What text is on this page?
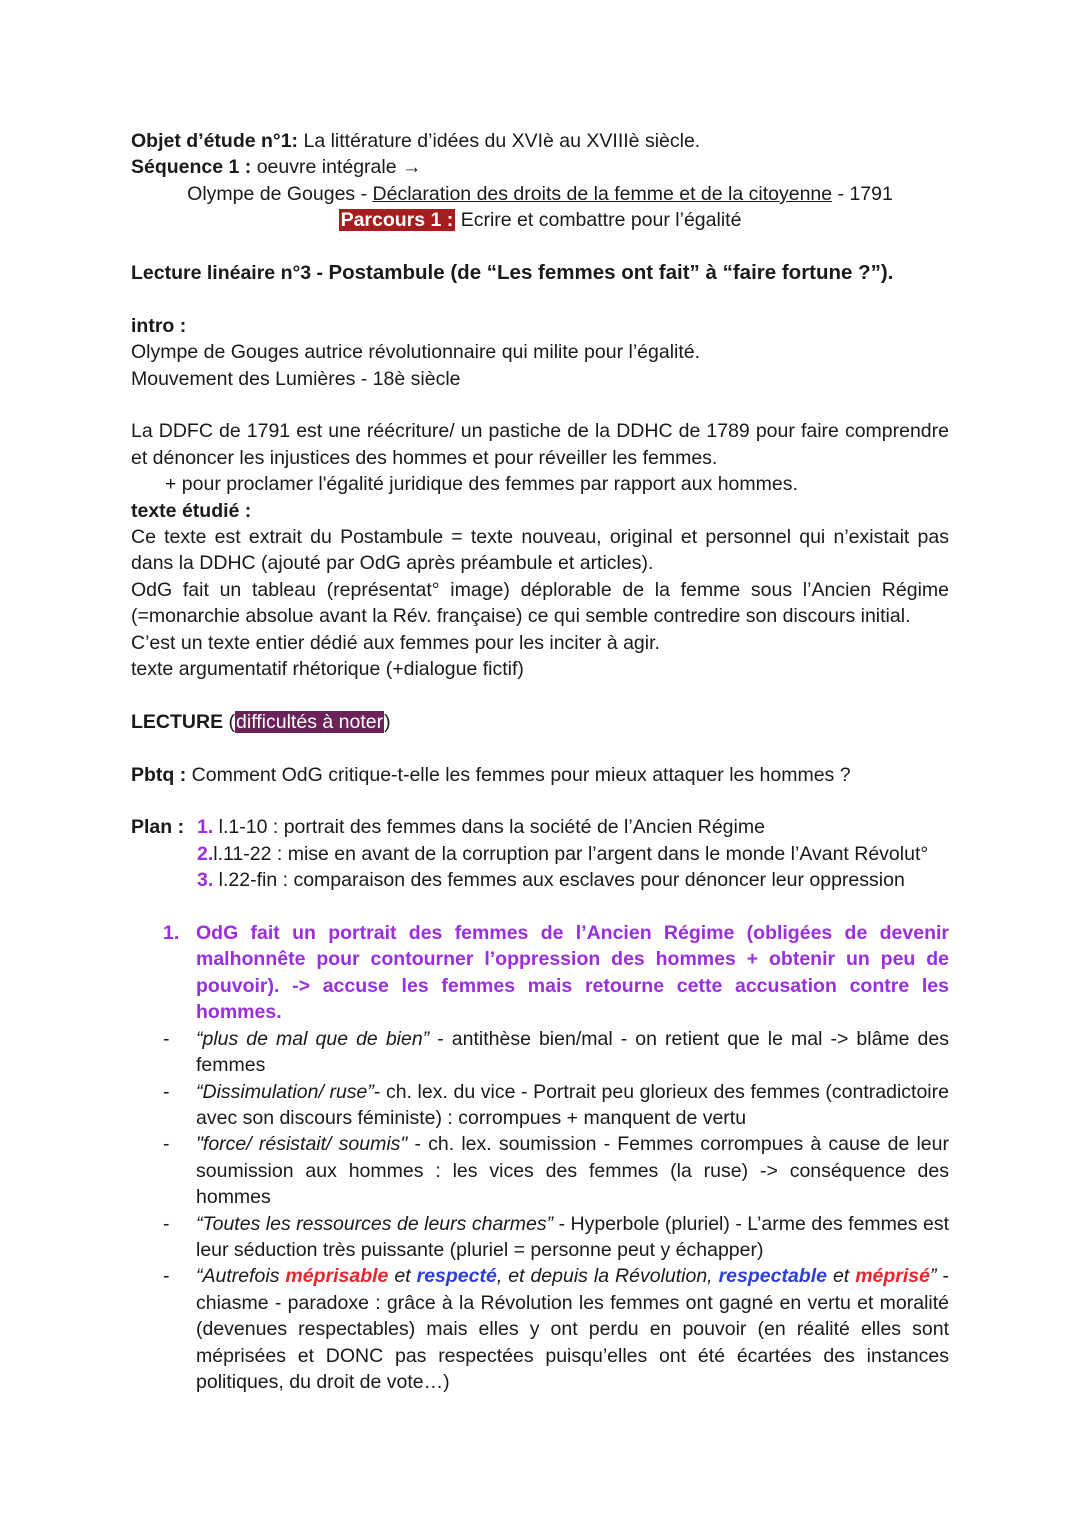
Objet d’étude n°1: La littérature d’idées du XVIè au XVIIIè siècle.
Séquence 1 : oeuvre intégrale →
Olympe de Gouges - Déclaration des droits de la femme et de la citoyenne - 1791
Parcours 1 : Ecrire et combattre pour l’égalité
Lecture linéaire n°3 - Postambule (de “Les femmes ont fait” à “faire fortune ?”).
intro :
Olympe de Gouges autrice révolutionnaire qui milite pour l’égalité.
Mouvement des Lumières - 18è siècle
La DDFC de 1791 est une réécriture/ un pastiche de la DDHC de 1789 pour faire comprendre et dénoncer les injustices des hommes et pour réveiller les femmes.
+ pour proclamer l'égalité juridique des femmes par rapport aux hommes.
texte étudié :
Ce texte est extrait du Postambule = texte nouveau, original et personnel qui n’existait pas dans la DDHC (ajouté par OdG après préambule et articles).
OdG fait un tableau (représentat° image) déplorable de la femme sous l’Ancien Régime (=monarchie absolue avant la Rév. française) ce qui semble contredire son discours initial.
C’est un texte entier dédié aux femmes pour les inciter à agir.
texte argumentatif rhétorique (+dialogue fictif)
LECTURE (difficultés à noter)
Pbtq : Comment OdG critique-t-elle les femmes pour mieux attaquer les hommes ?
Plan : 1. l.1-10 : portrait des femmes dans la société de l’Ancien Régime
2.l.11-22 : mise en avant de la corruption par l’argent dans le monde l’Avant Révolut°
3. l.22-fin : comparaison des femmes aux esclaves pour dénoncer leur oppression
1. OdG fait un portrait des femmes de l’Ancien Régime (obligées de devenir malhonnête pour contourner l’oppression des hommes + obtenir un peu de pouvoir). -> accuse les femmes mais retourne cette accusation contre les hommes.
-	“plus de mal que de bien” - antithèse bien/mal - on retient que le mal -> blâme des femmes
-	“Dissimulation/ ruse”- ch. lex. du vice - Portrait peu glorieux des femmes (contradictoire avec son discours féministe) : corrompues + manquent de vertu
-	"force/ résistait/ soumis" - ch. lex. soumission - Femmes corrompues à cause de leur soumission aux hommes : les vices des femmes (la ruse) -> conséquence des hommes
-	“Toutes les ressources de leurs charmes” - Hyperbole (pluriel) - L’arme des femmes est leur séduction très puissante (pluriel = personne peut y échapper)
-	“Autrefois méprisable et respecté, et depuis la Révolution, respectable et méprisé” - chiasme - paradoxe : grâce à la Révolution les femmes ont gagné en vertu et moralité (devenues respectables) mais elles y ont perdu en pouvoir (en réalité elles sont méprisées et DONC pas respectées puisqu’elles ont été écartées des instances politiques, du droit de vote…)
